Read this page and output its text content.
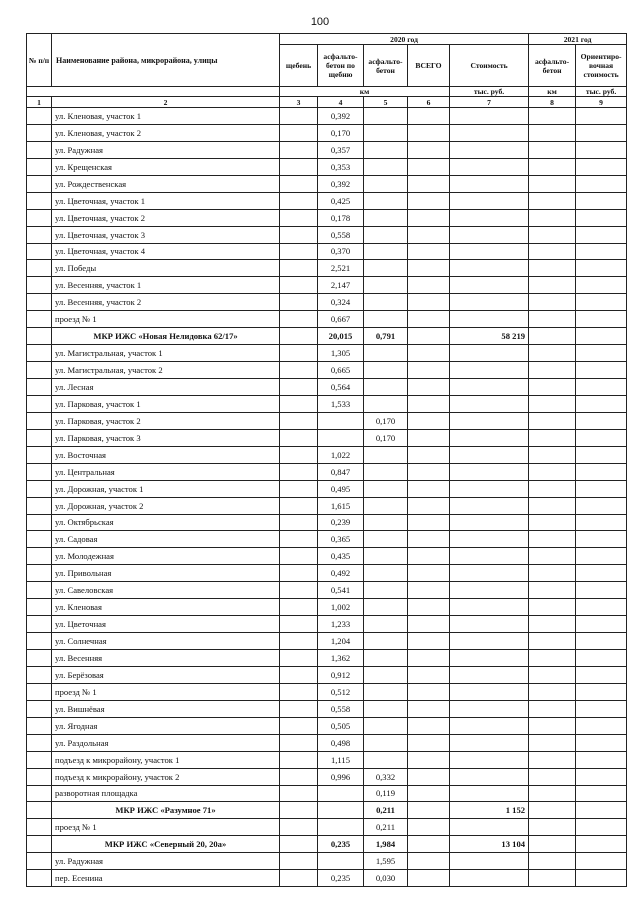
100
№ п/п	Наименование района, микрорайона, улицы	2020 год					2021 год	
		щебень	асфальто-бетон по щебню	асфальто-бетон	ВСЕГО	Стоимость	асфальто-бетон	Ориентиро-вочная стоимость
		км				тыс. руб.	км	тыс. руб.
1	2	3	4	5	6	7	8	9
	ул. Кленовая, участок 1		0,392					
	ул. Кленовая, участок 2		0,170					
	ул. Радужная		0,357					
	ул. Крещенская		0,353					
	ул. Рождественская		0,392					
	ул. Цветочная, участок 1		0,425					
	ул. Цветочная, участок 2		0,178					
	ул. Цветочная, участок 3		0,558					
	ул. Цветочная, участок 4		0,370					
	ул. Победы		2,521					
	ул. Весенняя, участок 1		2,147					
	ул. Весенняя, участок 2		0,324					
	проезд № 1		0,667					
	МКР ИЖС «Новая Нелидовка 62/17»		20,015	0,791		58 219		
	ул. Магистральная, участок 1		1,305					
	ул. Магистральная, участок 2		0,665					
	ул. Лесная		0,564					
	ул. Парковая, участок 1		1,533					
	ул. Парковая, участок 2			0,170				
	ул. Парковая, участок 3			0,170				
	ул. Восточная		1,022					
	ул. Центральная		0,847					
	ул. Дорожная, участок 1		0,495					
	ул. Дорожная, участок 2		1,615					
	ул. Октябрьская		0,239					
	ул. Садовая		0,365					
	ул. Молодежная		0,435					
	ул. Привольная		0,492					
	ул. Савеловская		0,541					
	ул. Кленовая		1,002					
	ул. Цветочная		1,233					
	ул. Солнечная		1,204					
	ул. Весенняя		1,362					
	ул. Берёзовая		0,912					
	проезд № 1		0,512					
	ул. Вишнёвая		0,558					
	ул. Ягодная		0,505					
	ул. Раздольная		0,498					
	подъезд к микрорайону, участок 1		1,115					
	подъезд к микрорайону, участок 2		0,996	0,332				
	разворотная площадка			0,119				
	МКР ИЖС «Разумное 71»			0,211		1 152		
	проезд № 1			0,211				
	МКР ИЖС «Северный 20, 20а»		0,235	1,984		13 104		
	ул. Радужная			1,595				
	пер. Есенина		0,235	0,030				
